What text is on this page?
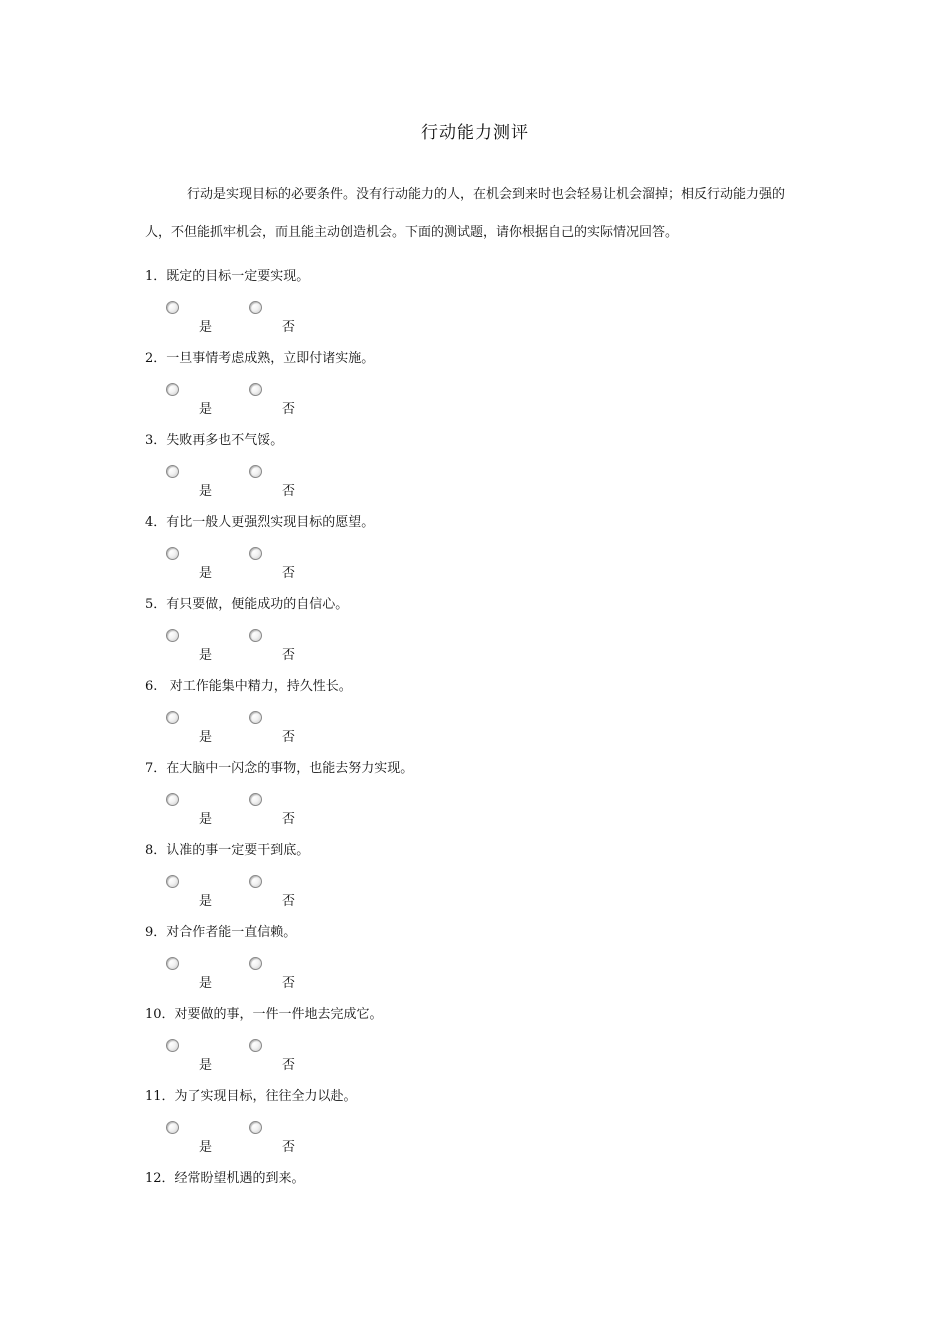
行动能力测评

行动是实现目标的必要条件。没有行动能力的人，在机会到来时也会轻易让机会溜掉；相反行动能力强的人，不但能抓牢机会，而且能主动创造机会。下面的测试题，请你根据自己的实际情况回答。

1．既定的目标一定要实现。
是	否
2．一旦事情考虑成熟，立即付诸实施。
是	否
3．失败再多也不气馁。
是	否
4．有比一般人更强烈实现目标的愿望。
是	否
5．有只要做，便能成功的自信心。
是	否
6.   对工作能集中精力，持久性长。
是	否
7．在大脑中一闪念的事物，也能去努力实现。
是	否
8．认准的事一定要干到底。
是	否
9．对合作者能一直信赖。
是	否
10．对要做的事，一件一件地去完成它。
是	否
11．为了实现目标，往往全力以赴。
是	否
12．经常盼望机遇的到来。
